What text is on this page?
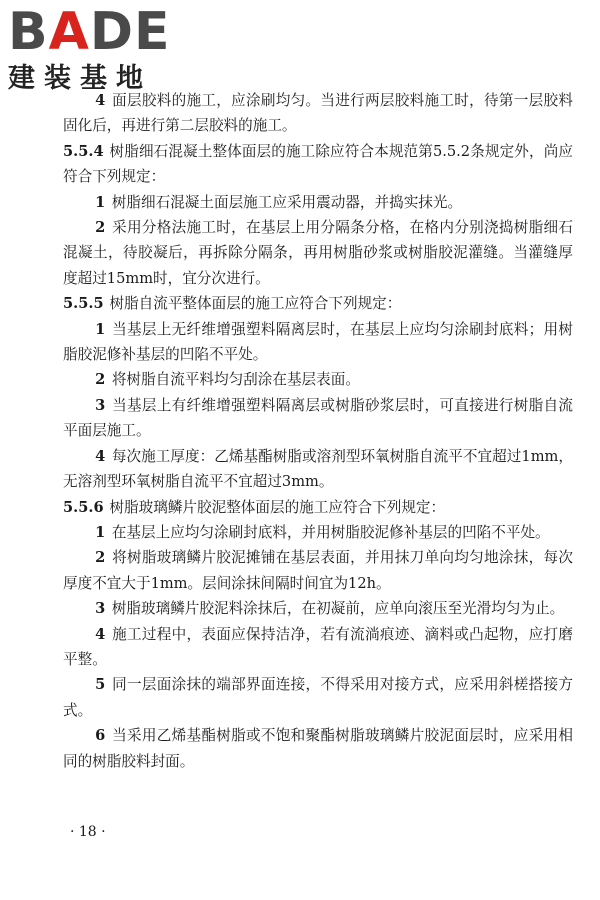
BADE
建装基地

4 面层胶料的施工，应涂刷均匀。当进行两层胶料施工时，待第一层胶料固化后，再进行第二层胶料的施工。

5.5.4 树脂细石混凝土整体面层的施工除应符合本规范第5.5.2条规定外，尚应符合下列规定：

1 树脂细石混凝土面层施工应采用震动器，并捣实抹光。

2 采用分格法施工时，在基层上用分隔条分格，在格内分别浇捣树脂细石混凝土，待胶凝后，再拆除分隔条，再用树脂砂浆或树脂胶泥灌缝。当灌缝厚度超过15mm时，宜分次进行。

5.5.5 树脂自流平整体面层的施工应符合下列规定：

1 当基层上无纤维增强塑料隔离层时，在基层上应均匀涂刷封底料；用树脂胶泥修补基层的凹陷不平处。

2 将树脂自流平料均匀刮涂在基层表面。

3 当基层上有纤维增强塑料隔离层或树脂砂浆层时，可直接进行树脂自流平面层施工。

4 每次施工厚度：乙烯基酯树脂或溶剂型环氧树脂自流平不宜超过1mm，无溶剂型环氧树脂自流平不宜超过3mm。

5.5.6 树脂玻璃鳞片胶泥整体面层的施工应符合下列规定：

1 在基层上应均匀涂刷封底料，并用树脂胶泥修补基层的凹陷不平处。

2 将树脂玻璃鳞片胶泥摊铺在基层表面，并用抹刀单向均匀地涂抹，每次厚度不宜大于1mm。层间涂抹间隔时间宜为12h。

3 树脂玻璃鳞片胶泥料涂抹后，在初凝前，应单向滚压至光滑均匀为止。

4 施工过程中，表面应保持洁净，若有流淌痕迹、滴料或凸起物，应打磨平整。

5 同一层面涂抹的端部界面连接，不得采用对接方式，应采用斜槎搭接方式。

6 当采用乙烯基酯树脂或不饱和聚酯树脂玻璃鳞片胶泥面层时，应采用相同的树脂胶料封面。

· 18 ·
